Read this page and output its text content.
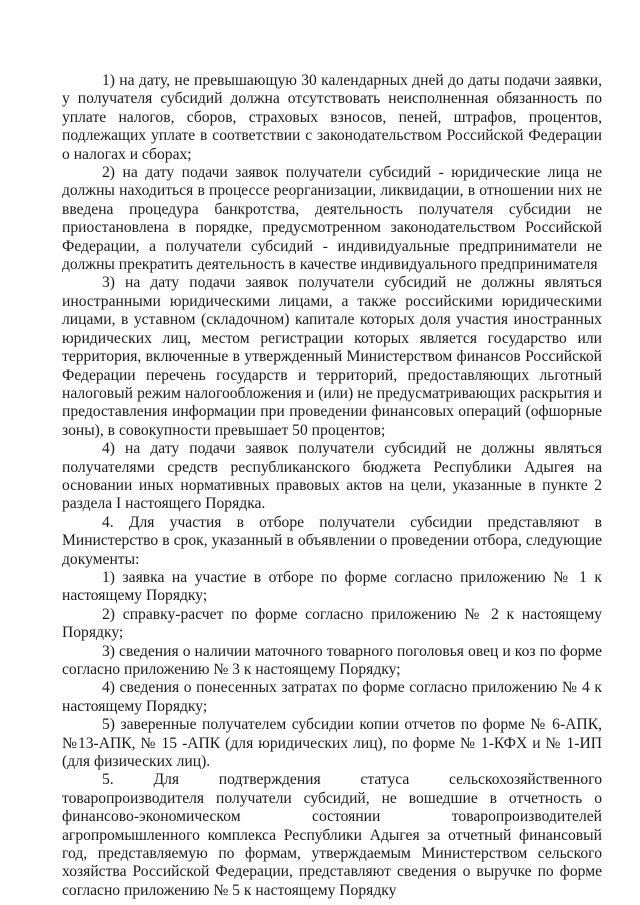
1) на дату, не превышающую 30 календарных дней до даты подачи заявки, у получателя субсидий должна отсутствовать неисполненная обязанность по уплате налогов, сборов, страховых взносов, пеней, штрафов, процентов, подлежащих уплате в соответствии с законодательством Российской Федерации о налогах и сборах;

2) на дату подачи заявок получатели субсидий - юридические лица не должны находиться в процессе реорганизации, ликвидации, в отношении них не введена процедура банкротства, деятельность получателя субсидии не приостановлена в порядке, предусмотренном законодательством Российской Федерации, а получатели субсидий - индивидуальные предприниматели не должны прекратить деятельность в качестве индивидуального предпринимателя

3) на дату подачи заявок получатели субсидий не должны являться иностранными юридическими лицами, а также российскими юридическими лицами, в уставном (складочном) капитале которых доля участия иностранных юридических лиц, местом регистрации которых является государство или территория, включенные в утвержденный Министерством финансов Российской Федерации перечень государств и территорий, предоставляющих льготный налоговый режим налогообложения и (или) не предусматривающих раскрытия и предоставления информации при проведении финансовых операций (офшорные зоны), в совокупности превышает 50 процентов;

4) на дату подачи заявок получатели субсидий не должны являться получателями средств республиканского бюджета Республики Адыгея на основании иных нормативных правовых актов на цели, указанные в пункте 2 раздела I настоящего Порядка.

4. Для участия в отборе получатели субсидии представляют в Министерство в срок, указанный в объявлении о проведении отбора, следующие документы:

1) заявка на участие в отборе по форме согласно приложению № 1 к настоящему Порядку;

2) справку-расчет по форме согласно приложению № 2 к настоящему Порядку;

3) сведения о наличии маточного товарного поголовья овец и коз по форме согласно приложению № 3 к настоящему Порядку;

4) сведения о понесенных затратах по форме согласно приложению № 4 к настоящему Порядку;

5) заверенные получателем субсидии копии отчетов по форме № 6-АПК, №13-АПК, № 15 -АПК (для юридических лиц), по форме № 1-КФХ и № 1-ИП (для физических лиц).

5. Для подтверждения статуса сельскохозяйственного товаропроизводителя получатели субсидий, не вошедшие в отчетность о финансово-экономическом состоянии товаропроизводителей агропромышленного комплекса Республики Адыгея за отчетный финансовый год, представляемую по формам, утверждаемым Министерством сельского хозяйства Российской Федерации, представляют сведения о выручке по форме согласно приложению № 5 к настоящему Порядку
